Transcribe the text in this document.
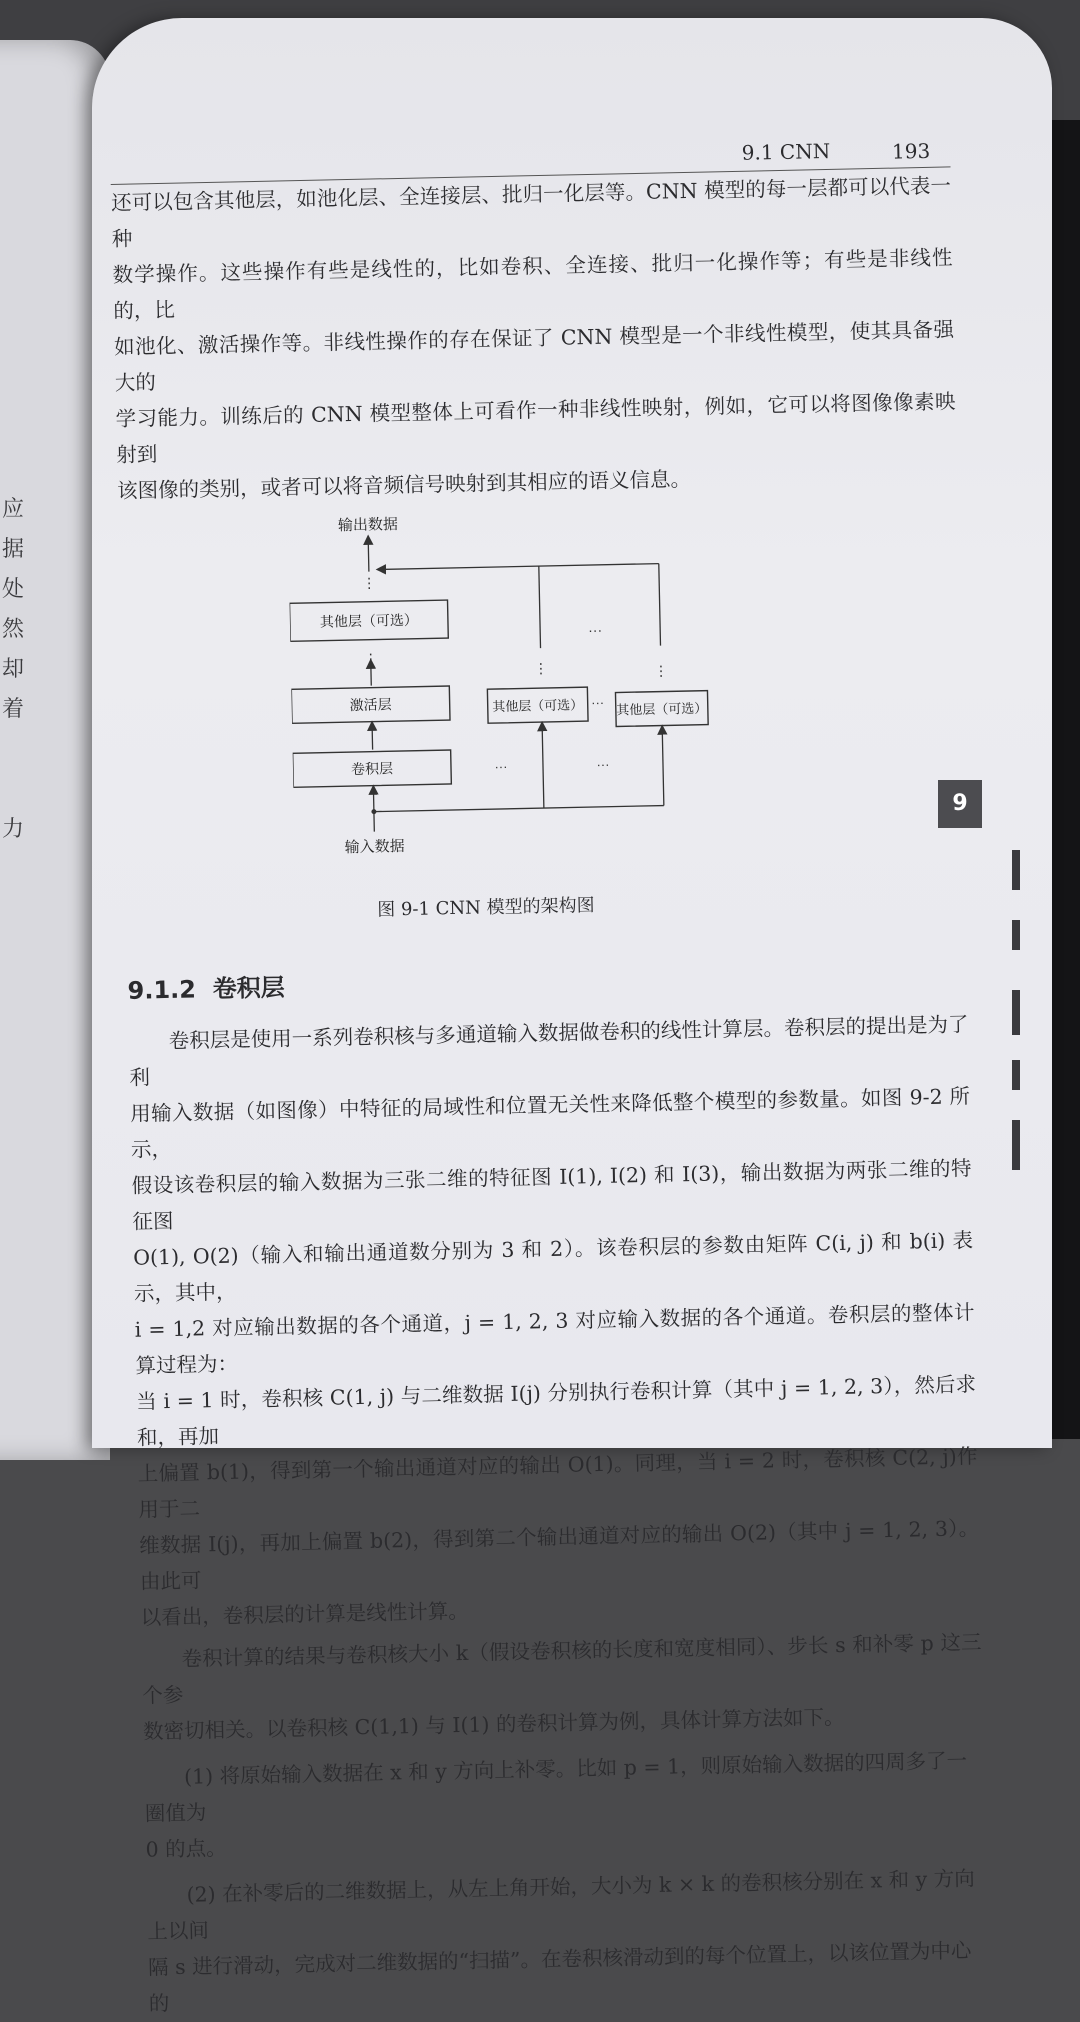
应
据
处
然
却
着
力
9.1 CNN	193

还可以包含其他层，如池化层、全连接层、批归一化层等。CNN 模型的每一层都可以代表一种

数学操作。这些操作有些是线性的，比如卷积、全连接、批归一化操作等；有些是非线性的，比

如池化、激活操作等。非线性操作的存在保证了 CNN 模型是一个非线性模型，使其具备强大的

学习能力。训练后的 CNN 模型整体上可看作一种非线性映射，例如，它可以将图像像素映射到

该图像的类别，或者可以将音频信号映射到其相应的语义信息。

输出数据
⋮
···
其他层（可选）
⋮
⋮	⋮
激活层	其他层（可选） ··· 其他层（可选）
卷积层	···	···
输入数据
图 9-1 CNN 模型的架构图
9.1.2 卷积层

卷积层是使用一系列卷积核与多通道输入数据做卷积的线性计算层。卷积层的提出是为了利

用输入数据（如图像）中特征的局域性和位置无关性来降低整个模型的参数量。如图 9-2 所示，

假设该卷积层的输入数据为三张二维的特征图 I(1), I(2) 和 I(3)，输出数据为两张二维的特征图

O(1), O(2)（输入和输出通道数分别为 3 和 2）。该卷积层的参数由矩阵 C(i, j) 和 b(i) 表示，其中，

i = 1,2 对应输出数据的各个通道，j = 1, 2, 3 对应输入数据的各个通道。卷积层的整体计算过程为：

当 i = 1 时，卷积核 C(1, j) 与二维数据 I(j) 分别执行卷积计算（其中 j = 1, 2, 3），然后求和，再加

上偏置 b(1)，得到第一个输出通道对应的输出 O(1)。同理，当 i = 2 时，卷积核 C(2, j)作用于二

维数据 I(j)，再加上偏置 b(2)，得到第二个输出通道对应的输出 O(2)（其中 j = 1, 2, 3）。由此可

以看出，卷积层的计算是线性计算。

卷积计算的结果与卷积核大小 k（假设卷积核的长度和宽度相同）、步长 s 和补零 p 这三个参

数密切相关。以卷积核 C(1,1) 与 I(1) 的卷积计算为例，具体计算方法如下。

(1) 将原始输入数据在 x 和 y 方向上补零。比如 p = 1，则原始输入数据的四周多了一圈值为

0 的点。

(2) 在补零后的二维数据上，从左上角开始，大小为 k × k 的卷积核分别在 x 和 y 方向上以间

隔 s 进行滑动，完成对二维数据的“扫描”。在卷积核滑动到的每个位置上，以该位置为中心的

9
